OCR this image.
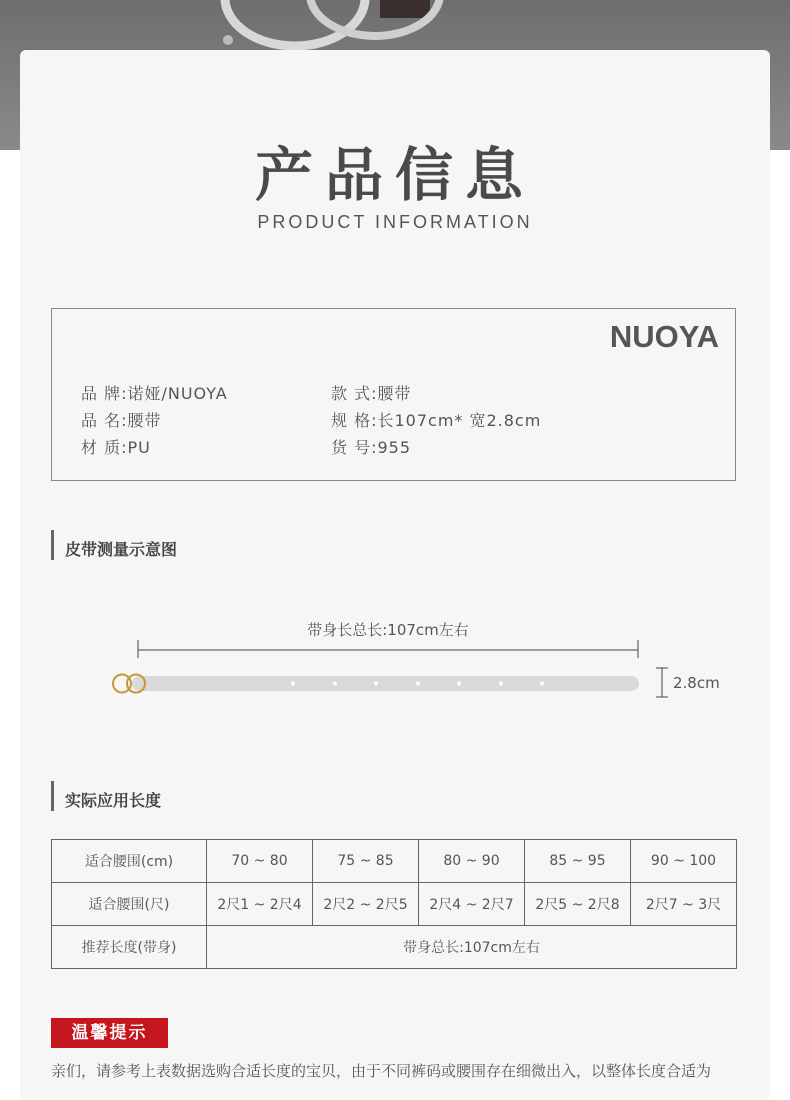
产品信息
PRODUCT INFORMATION
NUOYA
品 牌:诺娅/NUOYA
品 名:腰带
材 质:PU
款 式:腰带
规 格:长107cm* 宽2.8cm
货 号:955
皮带测量示意图
带身长总长:107cm左右
2.8cm
实际应用长度
适合腰围(cm)	70 ~ 80	75 ~ 85	80 ~ 90	85 ~ 95	90 ~ 100
适合腰围(尺)	2尺1 ~ 2尺4	2尺2 ~ 2尺5	2尺4 ~ 2尺7	2尺5 ~ 2尺8	2尺7 ~ 3尺
推荐长度(带身)	带身总长:107cm左右				
温馨提示
亲们，请参考上表数据选购合适长度的宝贝，由于不同裤码或腰围存在细微出入，以整体长度合适为
